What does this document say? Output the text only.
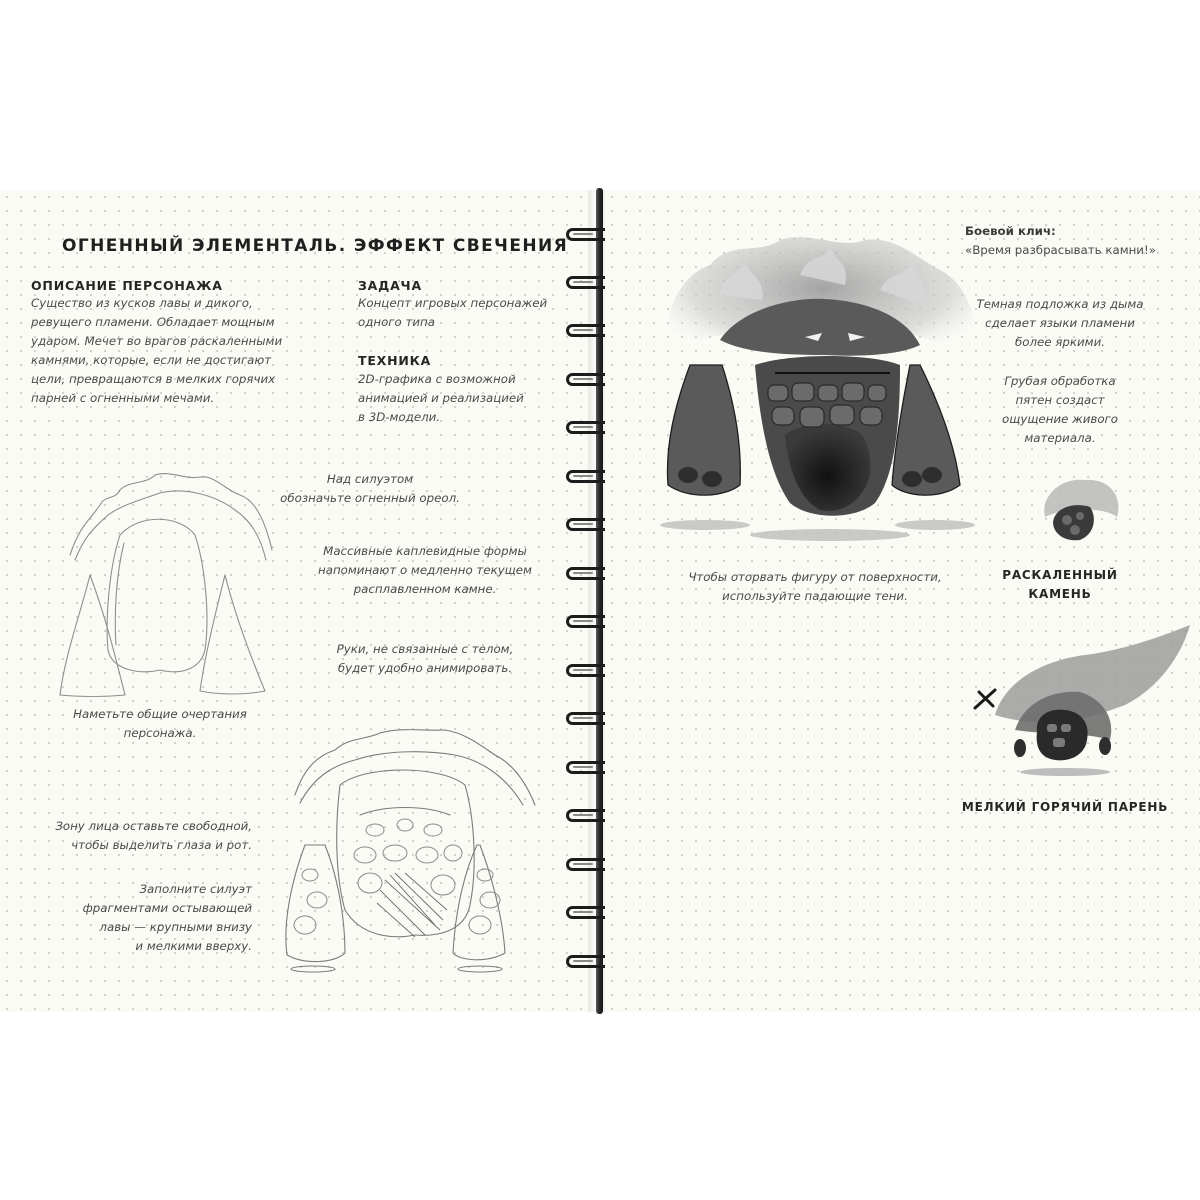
ОГНЕННЫЙ ЭЛЕМЕНТАЛЬ. ЭФФЕКТ СВЕЧЕНИЯ

ОПИСАНИЕ ПЕРСОНАЖА

Существо из кусков лавы и дикого,
ревущего пламени. Обладает мощным
ударом. Мечет во врагов раскаленными
камнями, которые, если не достигают
цели, превращаются в мелких горячих
парней с огненными мечами.

ЗАДАЧА

Концепт игровых персонажей
одного типа

ТЕХНИКА

2D-графика с возможной
анимацией и реализацией
в 3D-модели.

Над силуэтом
обозначьте огненный ореол.

Массивные каплевидные формы
напоминают о медленно текущем
расплавленном камне.

Руки, не связанные с телом,
будет удобно анимировать.

Наметьте общие очертания
персонажа.

Зону лица оставьте свободной,
чтобы выделить глаза и рот.

Заполните силуэт
фрагментами остывающей
лавы — крупными внизу
и мелкими вверху.

Боевой клич:

«Время разбрасывать камни!»

Темная подложка из дыма
сделает языки пламени
более яркими.

Грубая обработка
пятен создаст
ощущение живого
материала.

Чтобы оторвать фигуру от поверхности,
используйте падающие тени.

РАСКАЛЕННЫЙ
КАМЕНЬ

МЕЛКИЙ ГОРЯЧИЙ ПАРЕНЬ
